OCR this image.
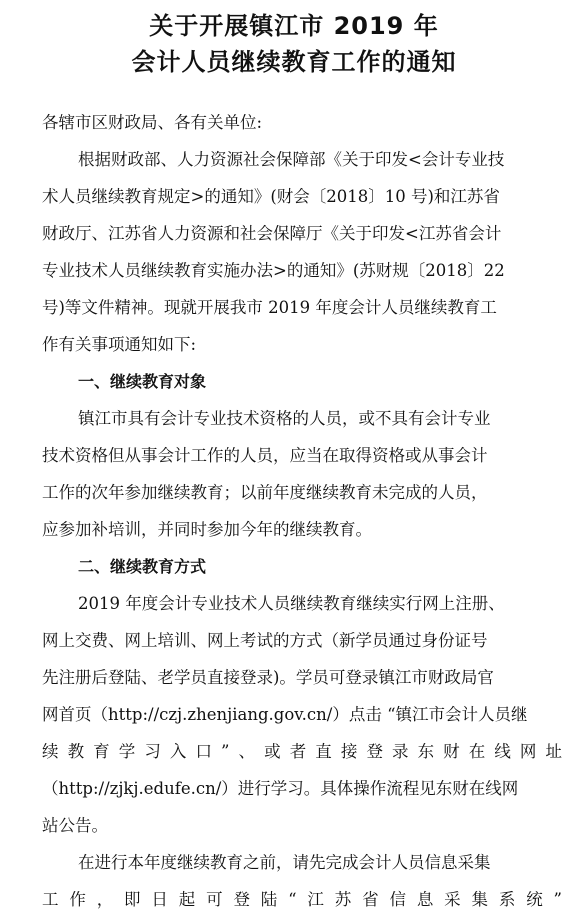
关于开展镇江市 2019 年
会计人员继续教育工作的通知
各辖市区财政局、各有关单位:
根据财政部、人力资源社会保障部《关于印发<会计专业技
术人员继续教育规定>的通知》(财会〔2018〕10 号)和江苏省
财政厅、江苏省人力资源和社会保障厅《关于印发<江苏省会计
专业技术人员继续教育实施办法>的通知》(苏财规〔2018〕22
号)等文件精神。现就开展我市 2019 年度会计人员继续教育工
作有关事项通知如下:
一、继续教育对象
镇江市具有会计专业技术资格的人员，或不具有会计专业
技术资格但从事会计工作的人员，应当在取得资格或从事会计
工作的次年参加继续教育；以前年度继续教育未完成的人员，
应参加补培训，并同时参加今年的继续教育。
二、继续教育方式
2019 年度会计专业技术人员继续教育继续实行网上注册、
网上交费、网上培训、网上考试的方式（新学员通过身份证号
先注册后登陆、老学员直接登录)。学员可登录镇江市财政局官
网首页（http://czj.zhenjiang.gov.cn/）点击 “镇江市会计人员继
续教育学习入口”、或者直接登录东财在线网址
（http://zjkj.edufe.cn/）进行学习。具体操作流程见东财在线网
站公告。
在进行本年度继续教育之前，请先完成会计人员信息采集
工作，即日起可登陆“江苏省信息采集系统”
